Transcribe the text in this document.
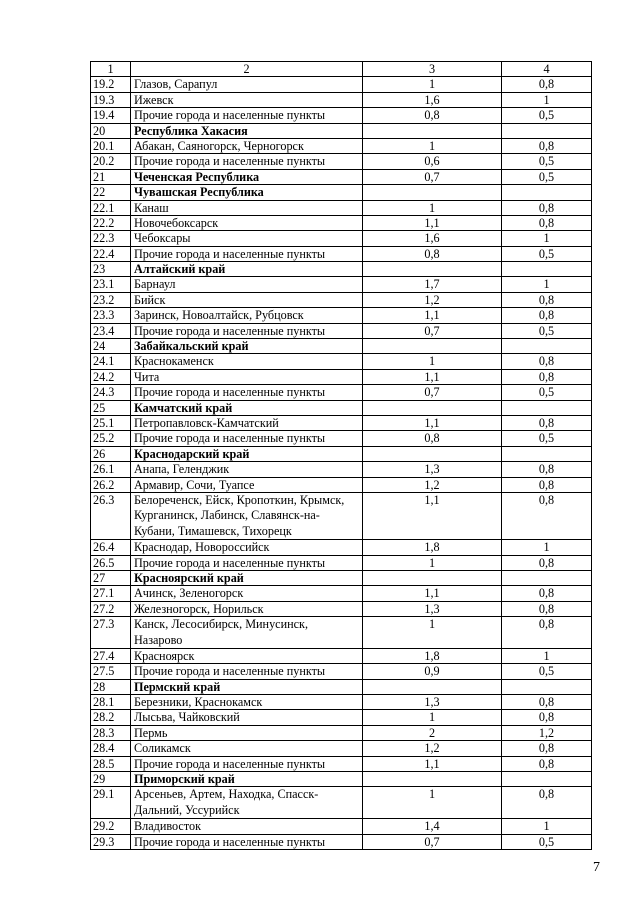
1	2	3	4
19.2	Глазов, Сарапул	1	0,8
19.3	Ижевск	1,6	1
19.4	Прочие города и населенные пункты	0,8	0,5
20	Республика Хакасия		
20.1	Абакан, Саяногорск, Черногорск	1	0,8
20.2	Прочие города и населенные пункты	0,6	0,5
21	Чеченская Республика	0,7	0,5
22	Чувашская Республика		
22.1	Канаш	1	0,8
22.2	Новочебоксарск	1,1	0,8
22.3	Чебоксары	1,6	1
22.4	Прочие города и населенные пункты	0,8	0,5
23	Алтайский край		
23.1	Барнаул	1,7	1
23.2	Бийск	1,2	0,8
23.3	Заринск, Новоалтайск, Рубцовск	1,1	0,8
23.4	Прочие города и населенные пункты	0,7	0,5
24	Забайкальский край		
24.1	Краснокаменск	1	0,8
24.2	Чита	1,1	0,8
24.3	Прочие города и населенные пункты	0,7	0,5
25	Камчатский край		
25.1	Петропавловск-Камчатский	1,1	0,8
25.2	Прочие города и населенные пункты	0,8	0,5
26	Краснодарский край		
26.1	Анапа, Геленджик	1,3	0,8
26.2	Армавир, Сочи, Туапсе	1,2	0,8
26.3	Белореченск, Ейск, Кропоткин, Крымск, Курганинск, Лабинск, Славянск-на-Кубани, Тимашевск, Тихорецк	1,1	0,8
26.4	Краснодар, Новороссийск	1,8	1
26.5	Прочие города и населенные пункты	1	0,8
27	Красноярский край		
27.1	Ачинск, Зеленогорск	1,1	0,8
27.2	Железногорск, Норильск	1,3	0,8
27.3	Канск, Лесосибирск, Минусинск, Назарово	1	0,8
27.4	Красноярск	1,8	1
27.5	Прочие города и населенные пункты	0,9	0,5
28	Пермский край		
28.1	Березники, Краснокамск	1,3	0,8
28.2	Лысьва, Чайковский	1	0,8
28.3	Пермь	2	1,2
28.4	Соликамск	1,2	0,8
28.5	Прочие города и населенные пункты	1,1	0,8
29	Приморский край		
29.1	Арсеньев, Артем, Находка, Спасск-Дальний, Уссурийск	1	0,8
29.2	Владивосток	1,4	1
29.3	Прочие города и населенные пункты	0,7	0,5
7
